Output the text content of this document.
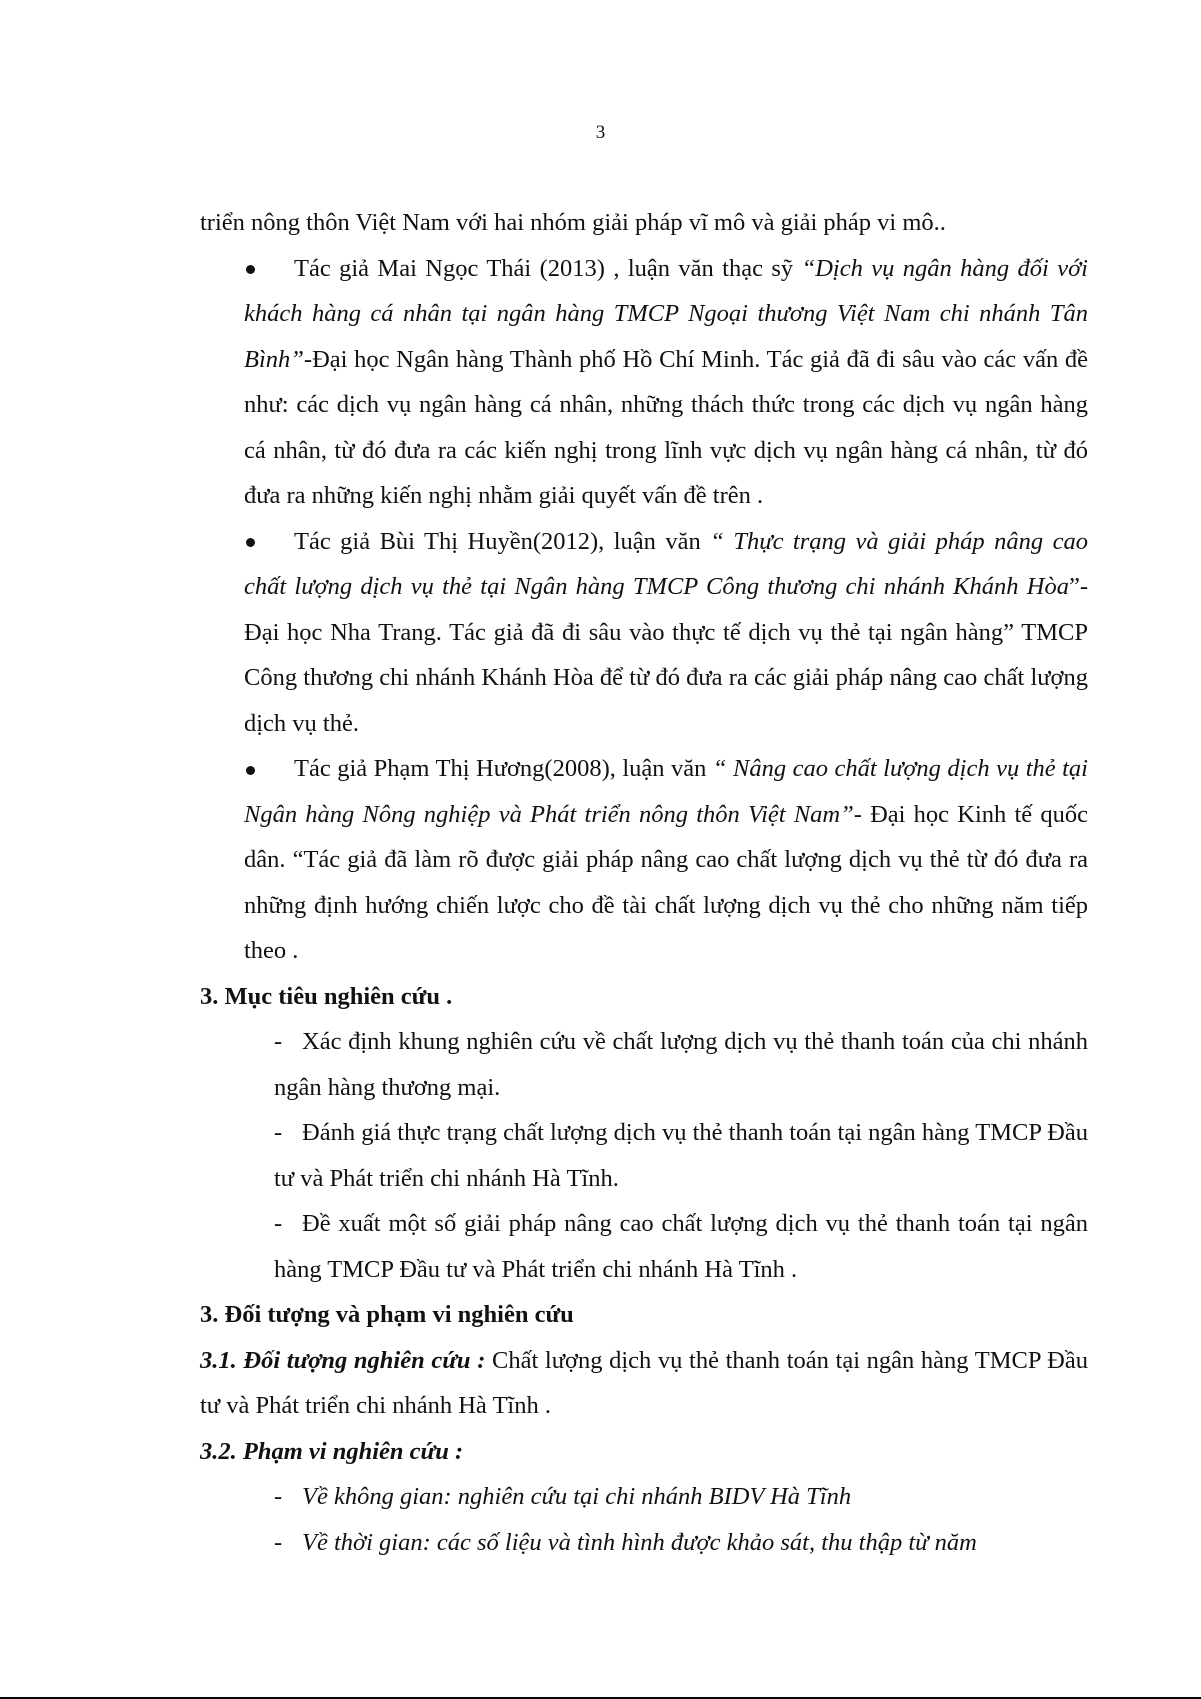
3

triển nông thôn Việt Nam với hai nhóm giải pháp vĩ mô và giải pháp vi mô..

Tác giả Mai Ngọc Thái (2013) , luận văn thạc sỹ “Dịch vụ ngân hàng đối với khách hàng cá nhân tại ngân hàng TMCP Ngoại thương Việt Nam chi nhánh Tân Bình”-Đại học Ngân hàng Thành phố Hồ Chí Minh. Tác giả đã đi sâu vào các vấn đề như: các dịch vụ ngân hàng cá nhân, những thách thức trong các dịch vụ ngân hàng cá nhân, từ đó đưa ra các kiến nghị trong lĩnh vực dịch vụ ngân hàng cá nhân, từ đó đưa ra những kiến nghị nhằm giải quyết vấn đề trên .

Tác giả Bùi Thị Huyền(2012), luận văn “ Thực trạng và giải pháp nâng cao chất lượng dịch vụ thẻ tại Ngân hàng TMCP Công thương chi nhánh Khánh Hòa”- Đại học Nha Trang. Tác giả đã đi sâu vào thực tế dịch vụ thẻ tại ngân hàng” TMCP Công thương chi nhánh Khánh Hòa để từ đó đưa ra các giải pháp nâng cao chất lượng dịch vụ thẻ.

Tác giả Phạm Thị Hương(2008), luận văn “ Nâng cao chất lượng dịch vụ thẻ tại Ngân hàng Nông nghiệp và Phát triển nông thôn Việt Nam”- Đại học Kinh tế quốc dân. “Tác giả đã làm rõ được giải pháp nâng cao chất lượng dịch vụ thẻ từ đó đưa ra những định hướng chiến lược cho đề tài chất lượng dịch vụ thẻ cho những năm tiếp theo .

3. Mục tiêu nghiên cứu .

- Xác định khung nghiên cứu về chất lượng dịch vụ thẻ thanh toán của chi nhánh ngân hàng thương mại.

- Đánh giá thực trạng chất lượng dịch vụ thẻ thanh toán tại ngân hàng TMCP Đầu tư và Phát triển chi nhánh Hà Tĩnh.

- Đề xuất một số giải pháp nâng cao chất lượng dịch vụ thẻ thanh toán tại ngân hàng TMCP Đầu tư và Phát triển chi nhánh Hà Tĩnh .

3. Đối tượng và phạm vi nghiên cứu

3.1. Đối tượng nghiên cứu : Chất lượng dịch vụ thẻ thanh toán tại ngân hàng TMCP Đầu tư và Phát triển chi nhánh Hà Tĩnh .

3.2. Phạm vi nghiên cứu :

- Về không gian: nghiên cứu tại chi nhánh BIDV Hà Tĩnh

- Về thời gian: các số liệu và tình hình được khảo sát, thu thập từ năm
